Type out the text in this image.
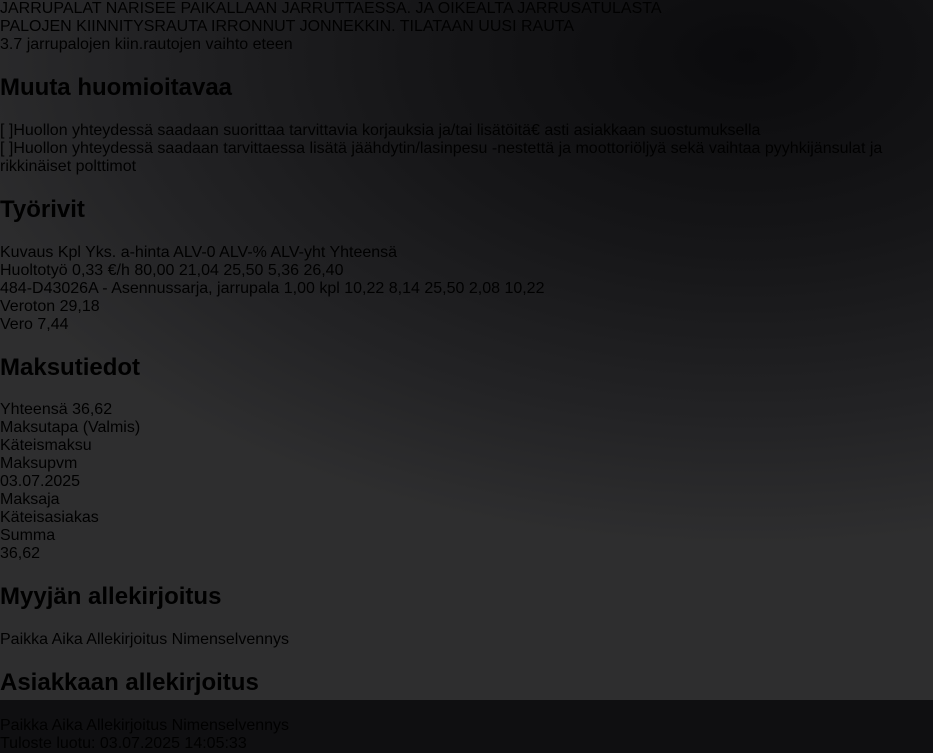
JARRUPALAT NARISEE PAIKALLAAN JARRUTTAESSA. JA OIKEALTA JARRUSATULASTA
PALOJEN KIINNITYSRAUTA IRRONNUT JONNEKKIN. TILATAAN UUSI RAUTA
3.7 jarrupalojen kiin.rautojen vaihto eteen
Muuta huomioitavaa
[ ]Huollon yhteydessä saadaan suorittaa tarvittavia korjauksia ja/tai lisätöitä€ asti asiakkaan suostumuksella
[ ]Huollon yhteydessä saadaan tarvittaessa lisätä jäähdytin/lasinpesu -nestettä ja moottoriöljyä sekä vaihtaa pyyhkijänsulat ja rikkinäiset polttimot
Työrivit
Kuvaus Kpl Yks. a-hinta ALV-0 ALV-% ALV-yht Yhteensä
Huoltotyö 0,33 €/h 80,00 21,04 25,50 5,36 26,40
484-D43026A - Asennussarja, jarrupala 1,00 kpl 10,22 8,14 25,50 2,08 10,22
Veroton 29,18
Vero 7,44
Maksutiedot
Yhteensä 36,62
Maksutapa (Valmis)
Käteismaksu
Maksupvm
03.07.2025
Maksaja
Käteisasiakas
Summa
36,62
Myyjän allekirjoitus
Paikka Aika Allekirjoitus Nimenselvennys
Asiakkaan allekirjoitus
Paikka Aika Allekirjoitus Nimenselvennys
Tuloste luotu: 03.07.2025 14:05:33
